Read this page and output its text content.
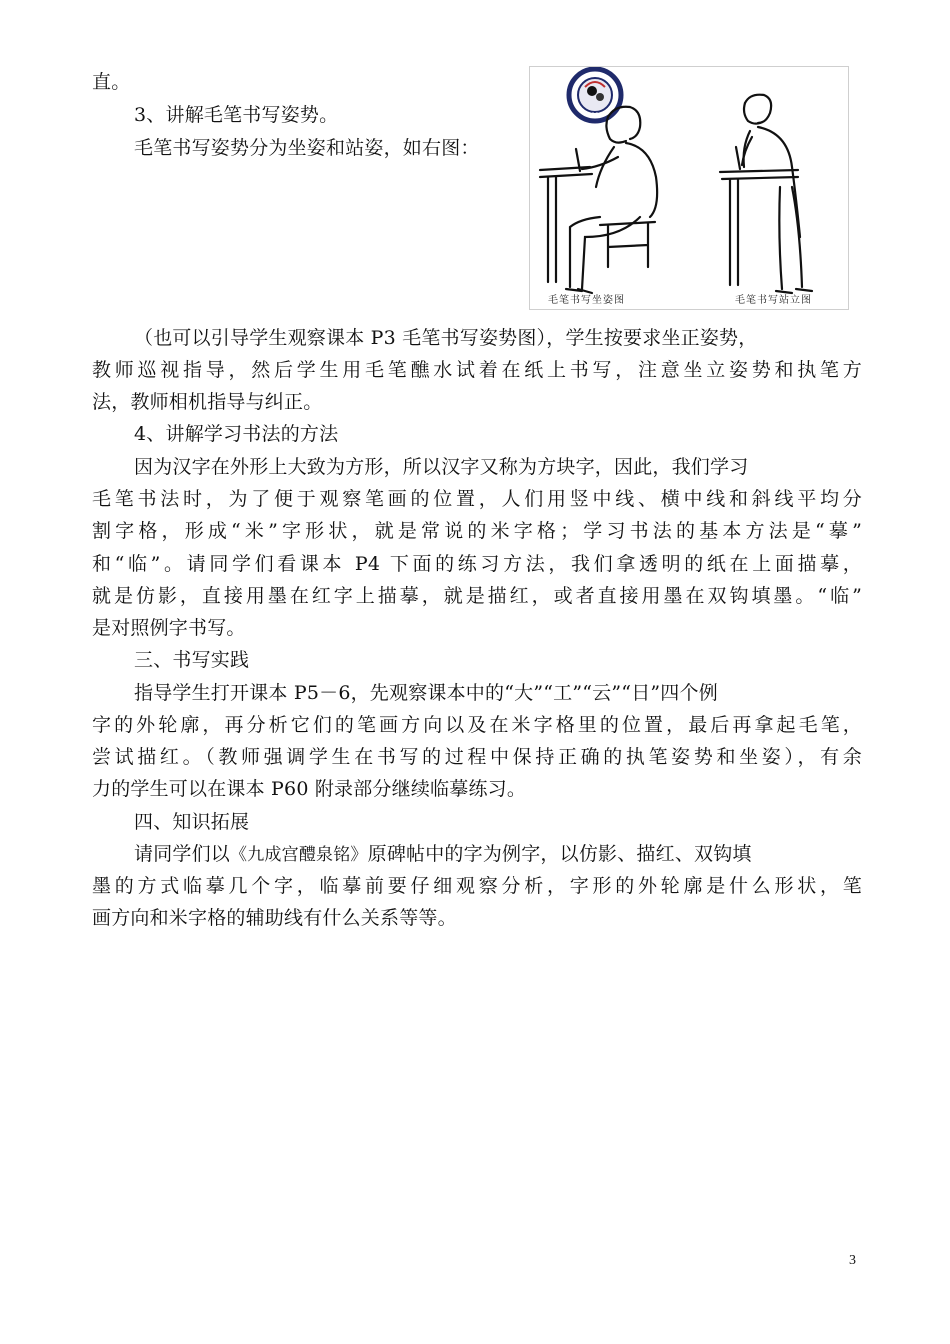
直。
3、讲解毛笔书写姿势。
毛笔书写姿势分为坐姿和站姿，如右图：
1983
毛笔书写坐姿图	毛笔书写站立图
（也可以引导学生观察课本 P3 毛笔书写姿势图），学生按要求坐正姿势，
教师巡视指导，然后学生用毛笔醮水试着在纸上书写，注意坐立姿势和执笔方
法，教师相机指导与纠正。
4、讲解学习书法的方法
因为汉字在外形上大致为方形，所以汉字又称为方块字，因此，我们学习
毛笔书法时，为了便于观察笔画的位置，人们用竖中线、横中线和斜线平均分
割字格，形成“米”字形状，就是常说的米字格；学习书法的基本方法是“摹”
和“临”。请同学们看课本 P4 下面的练习方法，我们拿透明的纸在上面描摹，
就是仿影，直接用墨在红字上描摹，就是描红，或者直接用墨在双钩填墨。“临”
是对照例字书写。
三、书写实践
指导学生打开课本 P5－6，先观察课本中的“大”“工”“云”“日”四个例
字的外轮廓，再分析它们的笔画方向以及在米字格里的位置，最后再拿起毛笔，
尝试描红。（教师强调学生在书写的过程中保持正确的执笔姿势和坐姿），有余
力的学生可以在课本 P60 附录部分继续临摹练习。
四、知识拓展
请同学们以《九成宫醴泉铭》原碑帖中的字为例字，以仿影、描红、双钩填
墨的方式临摹几个字，临摹前要仔细观察分析，字形的外轮廓是什么形状，笔
画方向和米字格的辅助线有什么关系等等。
3
